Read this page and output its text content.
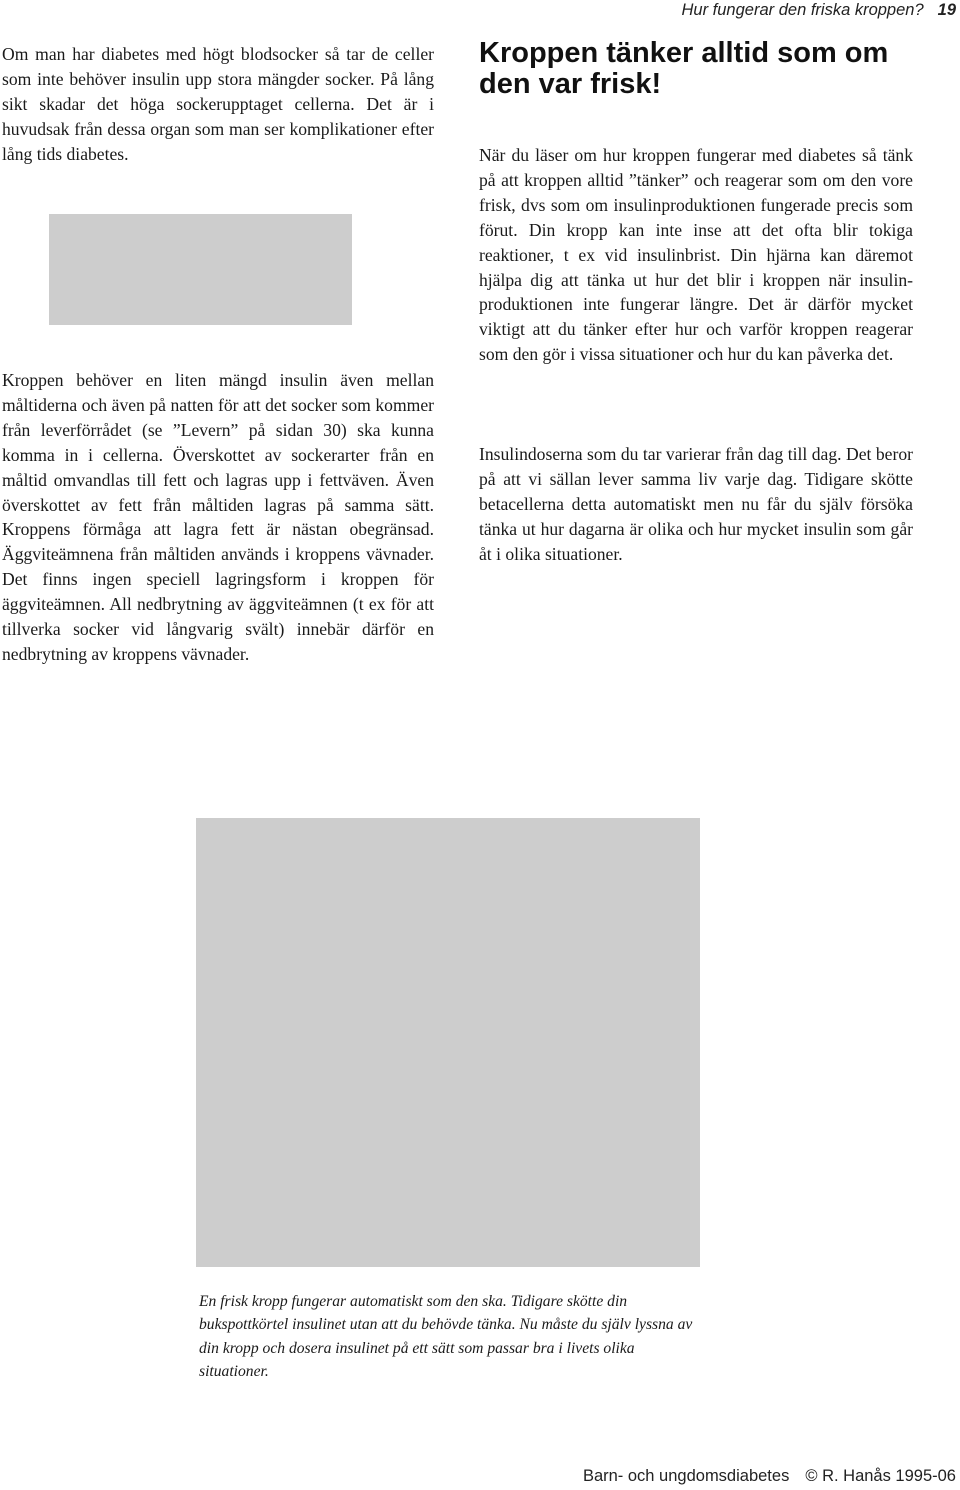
Hur fungerar den friska kroppen? 19

Om man har diabetes med högt blodsocker så tar de celler som inte behöver insulin upp stora mängder socker. På lång sikt skadar det höga sockerupptaget cellerna. Det är i huvudsak från dessa organ som man ser komplikationer efter lång tids diabetes.

Kroppen behöver en liten mängd insulin även mellan måltiderna och även på natten för att det socker som kommer från leverförrådet (se ”Levern” på sidan 30) ska kunna komma in i cellerna. Överskottet av sockerarter från en måltid omvandlas till fett och lagras upp i fettväven. Även överskottet av fett från måltiden lagras på samma sätt. Kroppens förmåga att lagra fett är nästan obegränsad. Äggviteämnena från måltiden används i kroppens vävnader. Det finns ingen speciell lagringsform i kroppen för äggviteämnen. All nedbrytning av äggviteämnen (t ex för att tillverka socker vid långvarig svält) innebär därför en nedbrytning av kroppens vävnader.

Kroppen tänker alltid som om den var frisk!

När du läser om hur kroppen fungerar med diabetes så tänk på att kroppen alltid ”tänker” och reagerar som om den vore frisk, dvs som om insulinproduktionen fungerade precis som förut. Din kropp kan inte inse att det ofta blir tokiga reaktioner, t ex vid insulinbrist. Din hjärna kan däremot hjälpa dig att tänka ut hur det blir i kroppen när insulin-produktionen inte fungerar längre. Det är därför mycket viktigt att du tänker efter hur och varför kroppen reagerar som den gör i vissa situationer och hur du kan påverka det.

Insulindoserna som du tar varierar från dag till dag. Det beror på att vi sällan lever samma liv varje dag. Tidigare skötte betacellerna detta automatiskt men nu får du själv försöka tänka ut hur dagarna är olika och hur mycket insulin som går åt i olika situationer.

En frisk kropp fungerar automatiskt som den ska. Tidigare skötte din bukspottkörtel insulinet utan att du behövde tänka. Nu måste du själv lyssna av din kropp och dosera insulinet på ett sätt som passar bra i livets olika situationer.

Barn- och ungdomsdiabetes © R. Hanås 1995-06
